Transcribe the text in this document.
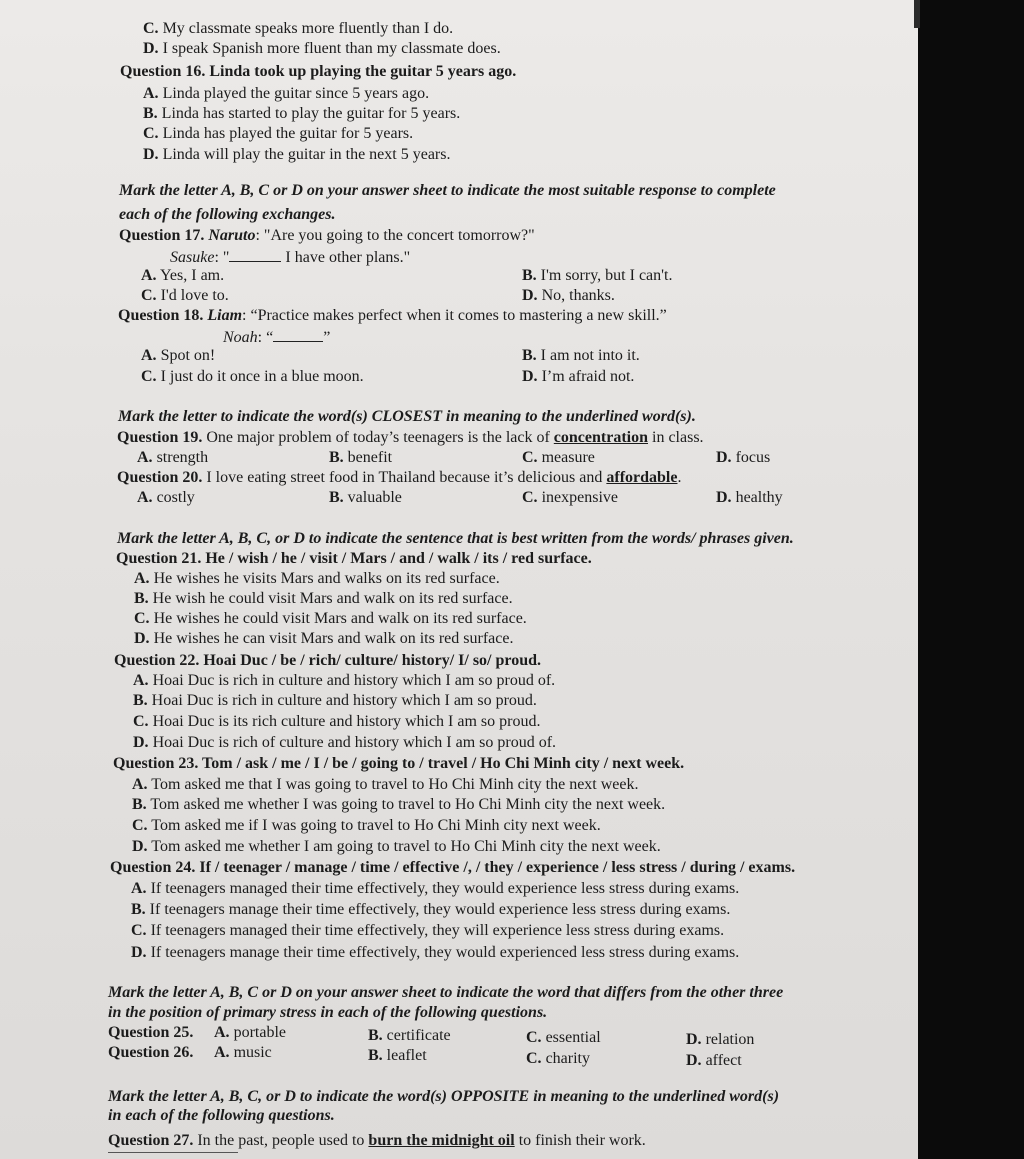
C. My classmate speaks more fluently than I do.
D. I speak Spanish more fluent than my classmate does.
Question 16. Linda took up playing the guitar 5 years ago.
A. Linda played the guitar since 5 years ago.
B. Linda has started to play the guitar for 5 years.
C. Linda has played the guitar for 5 years.
D. Linda will play the guitar in the next 5 years.
Mark the letter A, B, C or D on your answer sheet to indicate the most suitable response to complete
each of the following exchanges.
Question 17. Naruto: "Are you going to the concert tomorrow?"
Sasuke: "	I have other plans."
A. Yes, I am.	B. I'm sorry, but I can't.
C. I'd love to.	D. No, thanks.
Question 18. Liam: “Practice makes perfect when it comes to mastering a new skill.”
Noah: “	”
A. Spot on!	B. I am not into it.
C. I just do it once in a blue moon.	D. I’m afraid not.
Mark the letter to indicate the word(s) CLOSEST in meaning to the underlined word(s).
Question 19. One major problem of today’s teenagers is the lack of concentration in class.
A. strength	B. benefit	C. measure	D. focus
Question 20. I love eating street food in Thailand because it’s delicious and affordable.
A. costly	B. valuable	C. inexpensive	D. healthy
Mark the letter A, B, C, or D to indicate the sentence that is best written from the words/ phrases given.
Question 21. He / wish / he / visit / Mars / and / walk / its / red surface.
A. He wishes he visits Mars and walks on its red surface.
B. He wish he could visit Mars and walk on its red surface.
C. He wishes he could visit Mars and walk on its red surface.
D. He wishes he can visit Mars and walk on its red surface.
Question 22. Hoai Duc / be / rich/ culture/ history/ I/ so/ proud.
A. Hoai Duc is rich in culture and history which I am so proud of.
B. Hoai Duc is rich in culture and history which I am so proud.
C. Hoai Duc is its rich culture and history which I am so proud.
D. Hoai Duc is rich of culture and history which I am so proud of.
Question 23. Tom / ask / me / I / be / going to / travel / Ho Chi Minh city / next week.
A. Tom asked me that I was going to travel to Ho Chi Minh city the next week.
B. Tom asked me whether I was going to travel to Ho Chi Minh city the next week.
C. Tom asked me if I was going to travel to Ho Chi Minh city next week.
D. Tom asked me whether I am going to travel to Ho Chi Minh city the next week.
Question 24. If / teenager / manage / time / effective /, / they / experience / less stress / during / exams.
A. If teenagers managed their time effectively, they would experience less stress during exams.
B. If teenagers manage their time effectively, they would experience less stress during exams.
C. If teenagers managed their time effectively, they will experience less stress during exams.
D. If teenagers manage their time effectively, they would experienced less stress during exams.
Mark the letter A, B, C or D on your answer sheet to indicate the word that differs from the other three
in the position of primary stress in each of the following questions.
Question 25. A. portable	B. certificate	C. essential	D. relation
Question 26. A. music	B. leaflet	C. charity	D. affect
Mark the letter A, B, C, or D to indicate the word(s) OPPOSITE in meaning to the underlined word(s)
in each of the following questions.
Question 27. In the past, people used to burn the midnight oil to finish their work.
